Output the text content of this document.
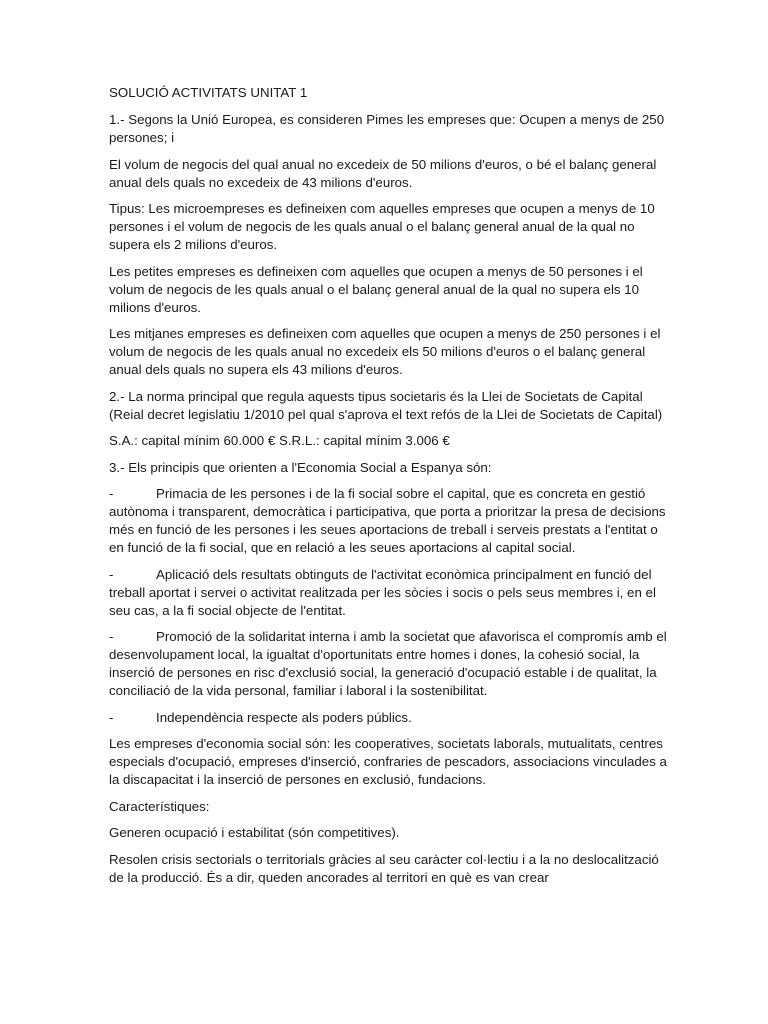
SOLUCIÓ ACTIVITATS UNITAT 1

1.- Segons la Unió Europea, es consideren Pimes les empreses que: Ocupen a menys de 250 persones; i

El volum de negocis del qual anual no excedeix de 50 milions d'euros, o bé el balanç general anual dels quals no excedeix de 43 milions d'euros.

Tipus: Les microempreses es defineixen com aquelles empreses que ocupen a menys de 10 persones i el volum de negocis de les quals anual o el balanç general anual de la qual no supera els 2 milions d'euros.

Les petites empreses es defineixen com aquelles que ocupen a menys de 50 persones i el volum de negocis de les quals anual o el balanç general anual de la qual no supera els 10 milions d'euros.

Les mitjanes empreses es defineixen com aquelles que ocupen a menys de 250 persones i el volum de negocis de les quals anual no excedeix els 50 milions d'euros o el balanç general anual dels quals no supera els 43 milions d'euros.

2.- La norma principal que regula aquests tipus societaris és la Llei de Societats de Capital (Reial decret legislatiu 1/2010 pel qual s'aprova el text refós de la Llei de Societats de Capital)

S.A.: capital mínim 60.000 € S.R.L.: capital mínim 3.006 €

3.- Els principis que orienten a l'Economia Social a Espanya són:

-	Primacia de les persones i de la fi social sobre el capital, que es concreta en gestió autònoma i transparent, democràtica i participativa, que porta a prioritzar la presa de decisions més en funció de les persones i les seues aportacions de treball i serveis prestats a l'entitat o en funció de la fi social, que en relació a les seues aportacions al capital social.

-	Aplicació dels resultats obtinguts de l'activitat econòmica principalment en funció del treball aportat i servei o activitat realitzada per les sòcies i socis o pels seus membres i, en el seu cas, a la fi social objecte de l'entitat.

-	Promoció de la solidaritat interna i amb la societat que afavorisca el compromís amb el desenvolupament local, la igualtat d'oportunitats entre homes i dones, la cohesió social, la inserció de persones en risc d'exclusió social, la generació d'ocupació estable i de qualitat, la conciliació de la vida personal, familiar i laboral i la sostenibilitat.

-	Independència respecte als poders públics.

Les empreses d'economia social són: les cooperatives, societats laborals, mutualitats, centres especials d'ocupació, empreses d'inserció, confraries de pescadors, associacions vinculades a la discapacitat i la inserció de persones en exclusió, fundacions.

Característiques:

Generen ocupació i estabilitat (són competitives).

Resolen crisis sectorials o territorials gràcies al seu caràcter col·lectiu i a la no deslocalització de la producció. És a dir, queden ancorades al territori en què es van crear
